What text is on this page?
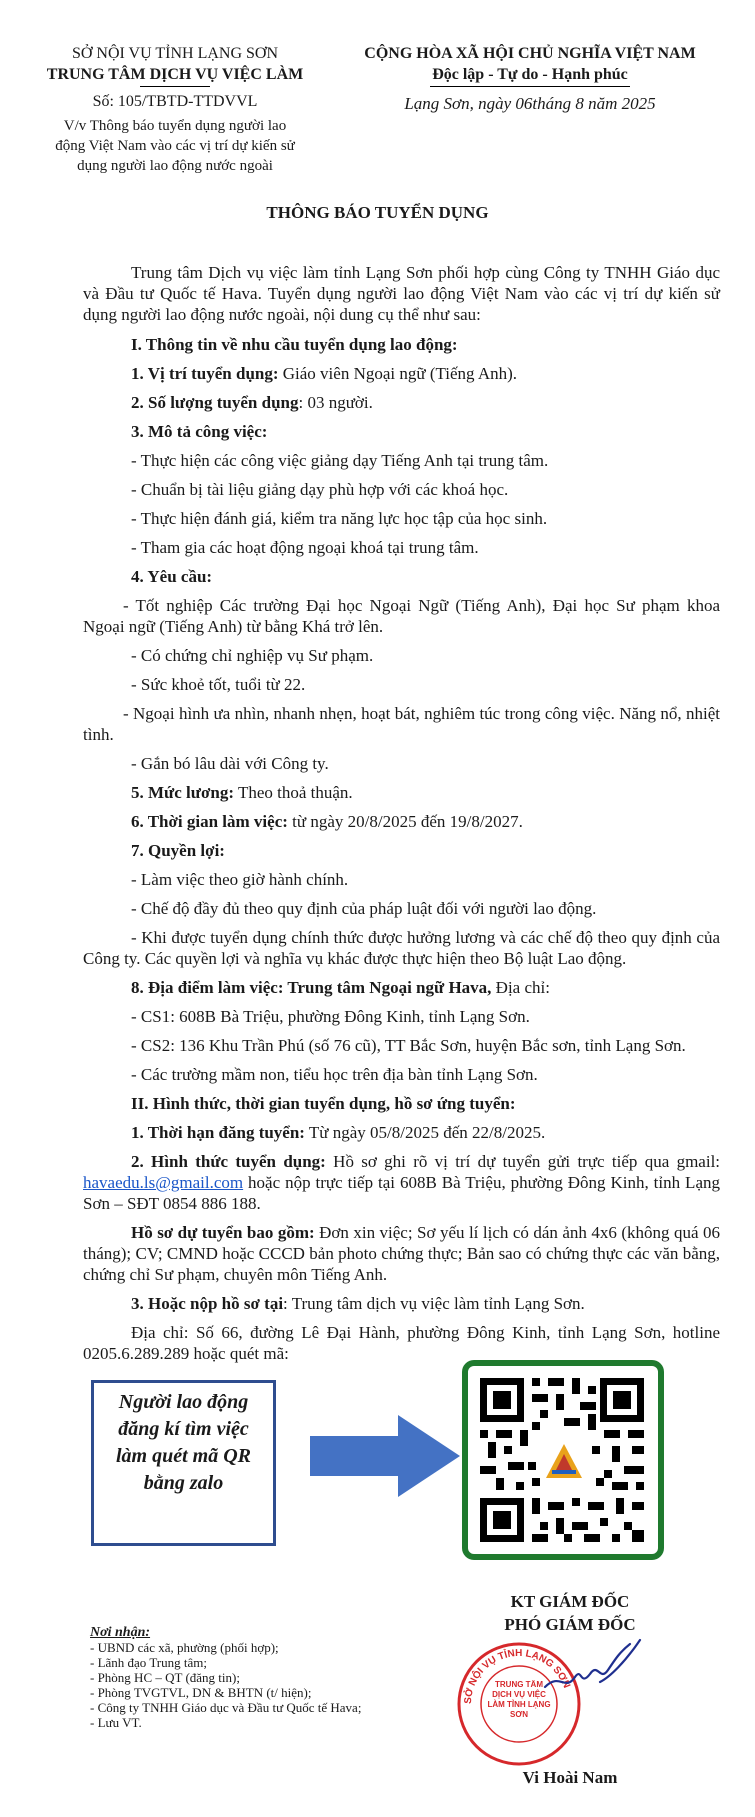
SỞ NỘI VỤ TỈNH LẠNG SƠN
TRUNG TÂM DỊCH VỤ VIỆC LÀM
Số: 105/TBTD-TTDVVL
V/v Thông báo tuyển dụng người lao động Việt Nam vào các vị trí dự kiến sử dụng người lao động nước ngoài
CỘNG HÒA XÃ HỘI CHỦ NGHĨA VIỆT NAM
Độc lập - Tự do - Hạnh phúc
Lạng Sơn, ngày 06tháng 8 năm 2025
THÔNG BÁO TUYỂN DỤNG
Trung tâm Dịch vụ việc làm tỉnh Lạng Sơn phối hợp cùng Công ty TNHH Giáo dục và Đầu tư Quốc tế Hava. Tuyển dụng người lao động Việt Nam vào các vị trí dự kiến sử dụng người lao động nước ngoài, nội dung cụ thể như sau:
I. Thông tin về nhu cầu tuyển dụng lao động:
1. Vị trí tuyển dụng: Giáo viên Ngoại ngữ (Tiếng Anh).
2. Số lượng tuyển dụng: 03 người.
3. Mô tả công việc:
- Thực hiện các công việc giảng dạy Tiếng Anh tại trung tâm.
- Chuẩn bị tài liệu giảng dạy phù hợp với các khoá học.
- Thực hiện đánh giá, kiểm tra năng lực học tập của học sinh.
- Tham gia các hoạt động ngoại khoá tại trung tâm.
4. Yêu cầu:
- Tốt nghiệp Các trường Đại học Ngoại Ngữ (Tiếng Anh), Đại học Sư phạm khoa Ngoại ngữ (Tiếng Anh) từ bằng Khá trở lên.
- Có chứng chỉ nghiệp vụ Sư phạm.
- Sức khoẻ tốt, tuổi từ 22.
- Ngoại hình ưa nhìn, nhanh nhẹn, hoạt bát, nghiêm túc trong công việc. Năng nổ, nhiệt tình.
- Gắn bó lâu dài với Công ty.
5. Mức lương: Theo thoả thuận.
6. Thời gian làm việc: từ ngày 20/8/2025 đến 19/8/2027.
7. Quyền lợi:
- Làm việc theo giờ hành chính.
- Chế độ đầy đủ theo quy định của pháp luật đối với người lao động.
- Khi được tuyển dụng chính thức được hưởng lương và các chế độ theo quy định của Công ty. Các quyền lợi và nghĩa vụ khác được thực hiện theo Bộ luật Lao động.
8. Địa điểm làm việc: Trung tâm Ngoại ngữ Hava, Địa chỉ:
- CS1: 608B Bà Triệu, phường Đông Kinh, tỉnh Lạng Sơn.
- CS2: 136 Khu Trần Phú (số 76 cũ), TT Bắc Sơn, huyện Bắc sơn, tỉnh Lạng Sơn.
- Các trường mầm non, tiểu học trên địa bàn tỉnh Lạng Sơn.
II. Hình thức, thời gian tuyển dụng, hồ sơ ứng tuyển:
1. Thời hạn đăng tuyển: Từ ngày 05/8/2025 đến 22/8/2025.
2. Hình thức tuyển dụng: Hồ sơ ghi rõ vị trí dự tuyển gửi trực tiếp qua gmail: havaedu.ls@gmail.com hoặc nộp trực tiếp tại 608B Bà Triệu, phường Đông Kinh, tỉnh Lạng Sơn – SĐT 0854 886 188.
Hồ sơ dự tuyển bao gồm: Đơn xin việc; Sơ yếu lí lịch có dán ảnh 4x6 (không quá 06 tháng); CV; CMND hoặc CCCD bản photo chứng thực; Bản sao có chứng thực các văn bằng, chứng chỉ Sư phạm, chuyên môn Tiếng Anh.
3. Hoặc nộp hồ sơ tại: Trung tâm dịch vụ việc làm tỉnh Lạng Sơn.
Địa chỉ: Số 66, đường Lê Đại Hành, phường Đông Kinh, tỉnh Lạng Sơn, hotline 0205.6.289.289 hoặc quét mã:
Người lao động đăng kí tìm việc làm quét mã QR bằng zalo
Nơi nhận:
- UBND các xã, phường (phối hợp);
- Lãnh đạo Trung tâm;
- Phòng HC – QT (đăng tin);
- Phòng TVGTVL, DN & BHTN (t/ hiện);
- Công ty TNHH Giáo dục và Đầu tư Quốc tế Hava;
- Lưu VT.
KT GIÁM ĐỐC
PHÓ GIÁM ĐỐC
SỞ NỘI VỤ TỈNH LẠNG SƠN
TRUNG TÂM DỊCH VỤ VIỆC LÀM TỈNH LẠNG SƠN
Vi Hoài Nam
